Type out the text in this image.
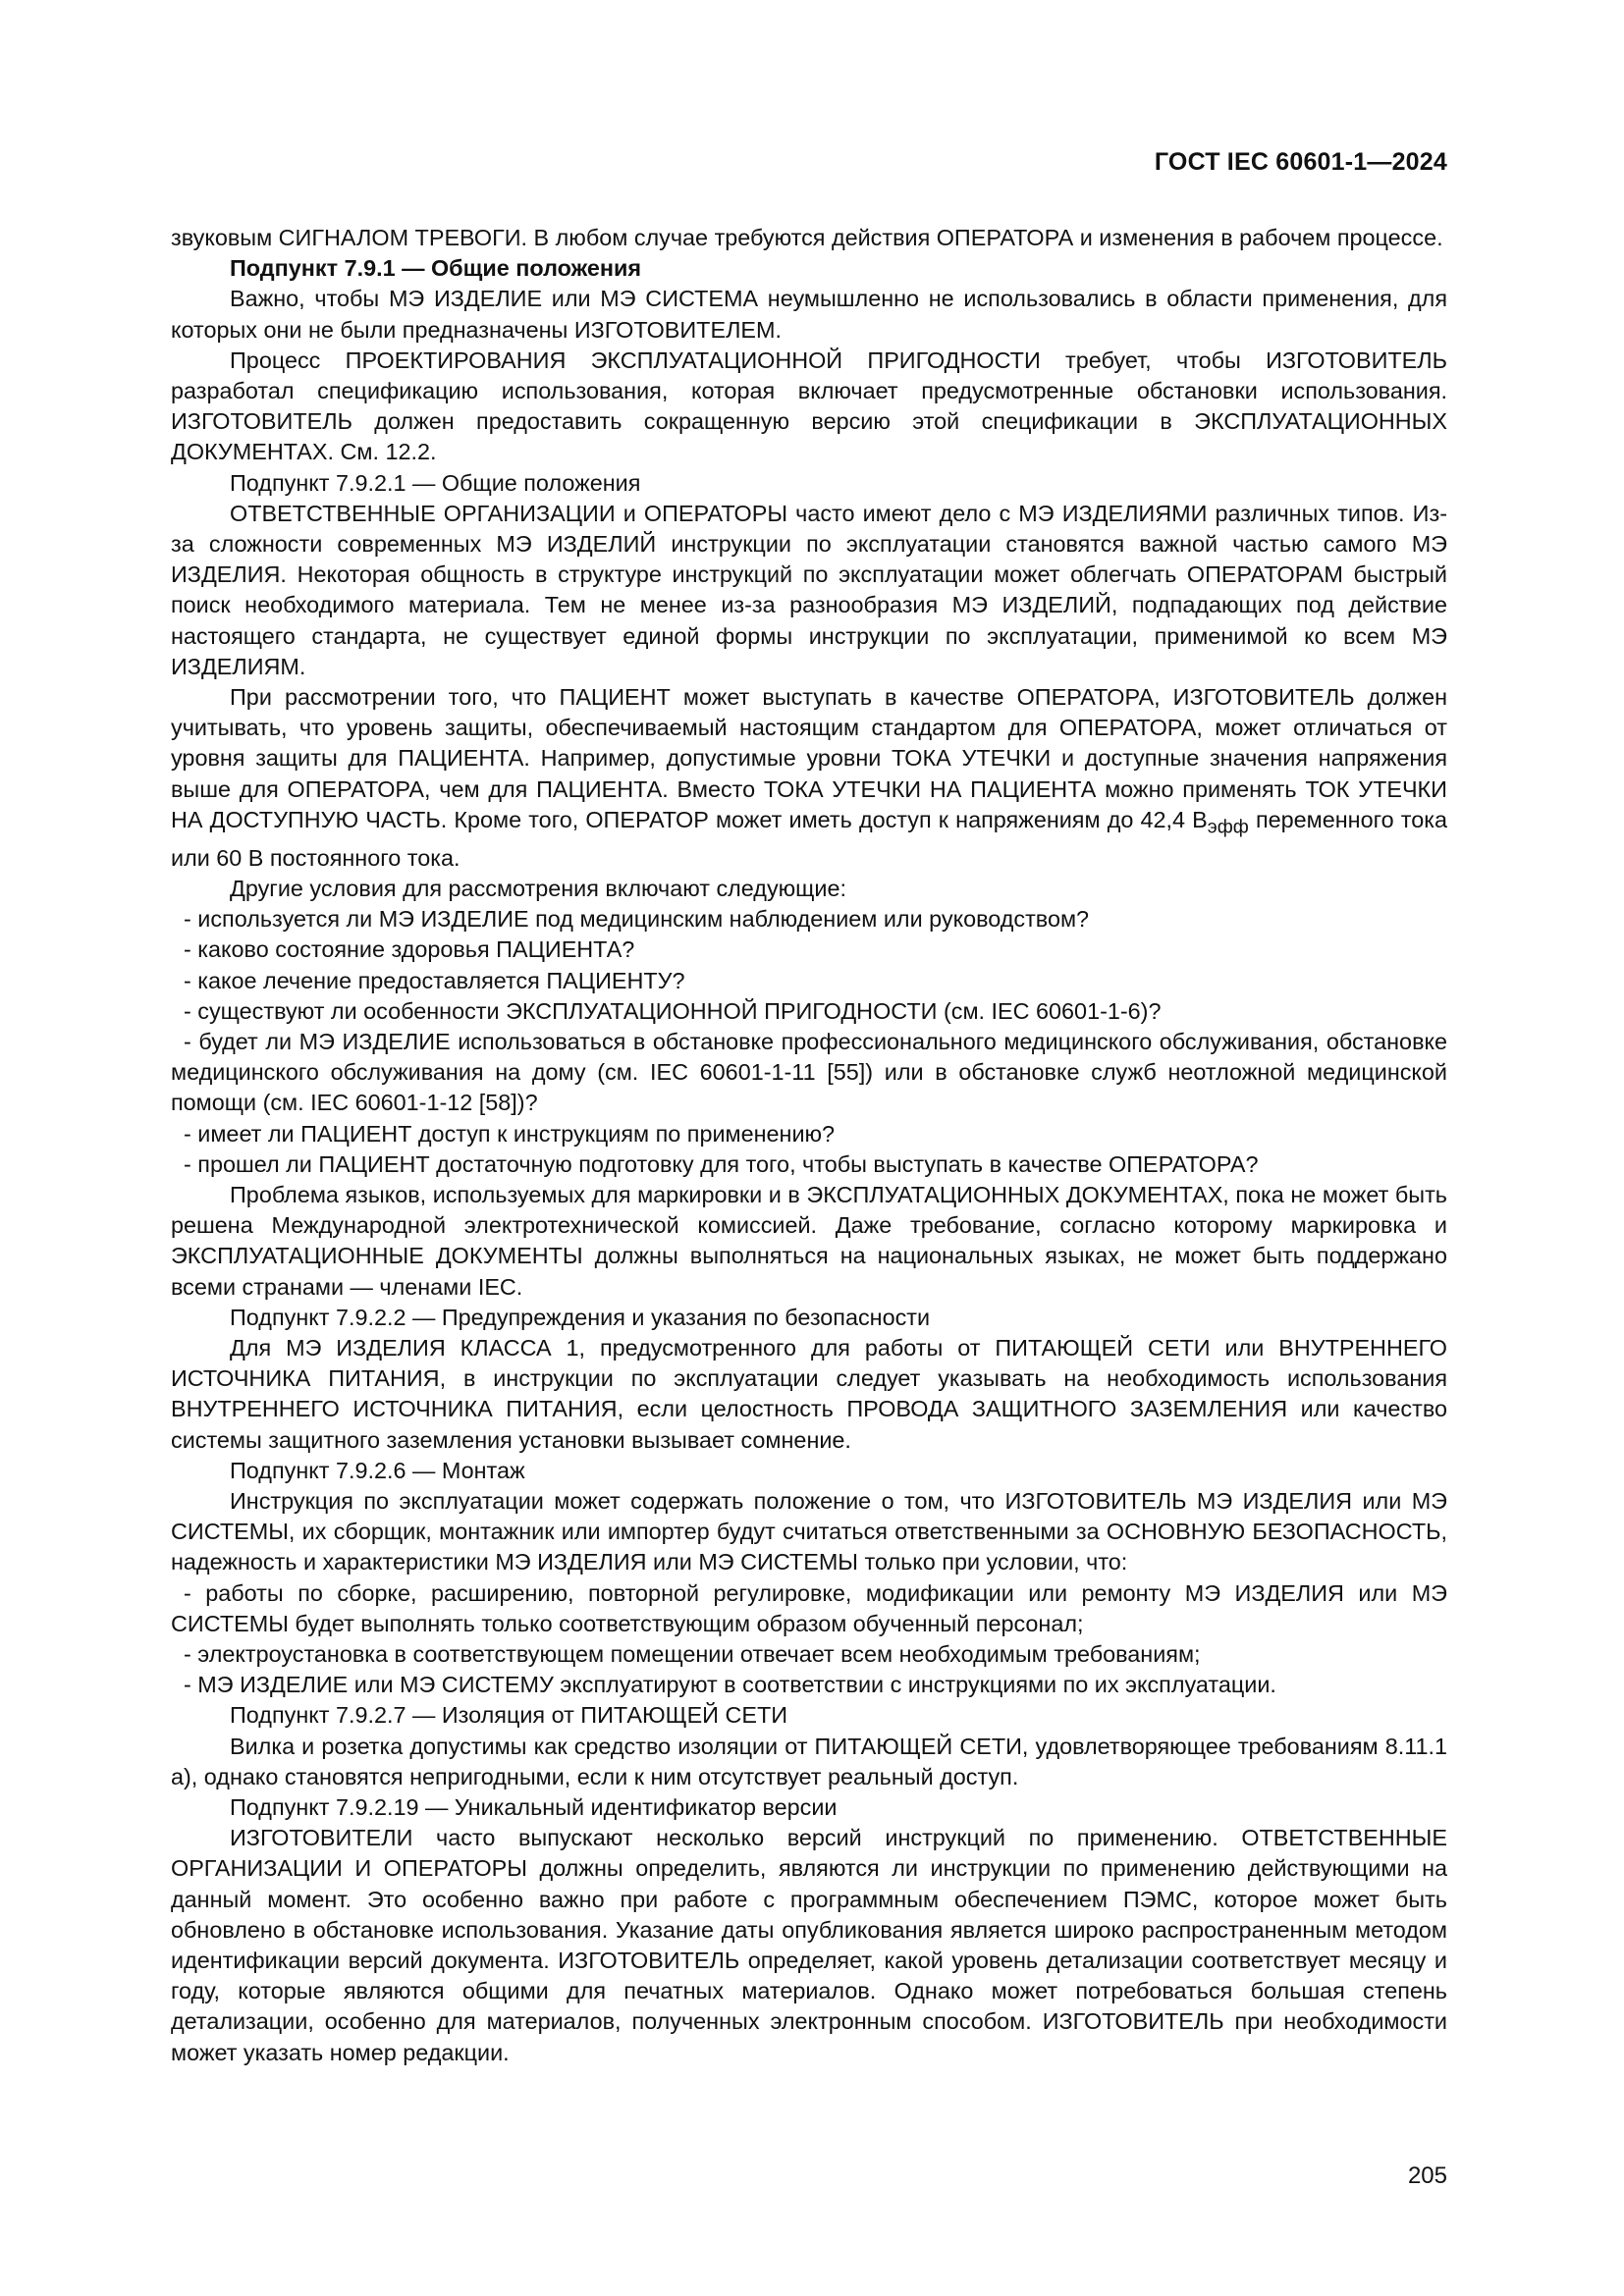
ГОСТ IEC 60601-1—2024

звуковым СИГНАЛОМ ТРЕВОГИ. В любом случае требуются действия ОПЕРАТОРА и изменения в рабочем процессе.

Подпункт 7.9.1 — Общие положения

Важно, чтобы МЭ ИЗДЕЛИЕ или МЭ СИСТЕМА неумышленно не использовались в области применения, для которых они не были предназначены ИЗГОТОВИТЕЛЕМ.

Процесс ПРОЕКТИРОВАНИЯ ЭКСПЛУАТАЦИОННОЙ ПРИГОДНОСТИ требует, чтобы ИЗГОТОВИТЕЛЬ разработал спецификацию использования, которая включает предусмотренные обстановки использования. ИЗГОТОВИТЕЛЬ должен предоставить сокращенную версию этой спецификации в ЭКСПЛУАТАЦИОННЫХ ДОКУМЕНТАХ. См. 12.2.

Подпункт 7.9.2.1 — Общие положения

ОТВЕТСТВЕННЫЕ ОРГАНИЗАЦИИ и ОПЕРАТОРЫ часто имеют дело с МЭ ИЗДЕЛИЯМИ различных типов. Из-за сложности современных МЭ ИЗДЕЛИЙ инструкции по эксплуатации становятся важной частью самого МЭ ИЗДЕЛИЯ. Некоторая общность в структуре инструкций по эксплуатации может облегчать ОПЕРАТОРАМ быстрый поиск необходимого материала. Тем не менее из-за разнообразия МЭ ИЗДЕЛИЙ, подпадающих под действие настоящего стандарта, не существует единой формы инструкции по эксплуатации, применимой ко всем МЭ ИЗДЕЛИЯМ.

При рассмотрении того, что ПАЦИЕНТ может выступать в качестве ОПЕРАТОРА, ИЗГОТОВИТЕЛЬ должен учитывать, что уровень защиты, обеспечиваемый настоящим стандартом для ОПЕРАТОРА, может отличаться от уровня защиты для ПАЦИЕНТА. Например, допустимые уровни ТОКА УТЕЧКИ и доступные значения напряжения выше для ОПЕРАТОРА, чем для ПАЦИЕНТА. Вместо ТОКА УТЕЧКИ НА ПАЦИЕНТА можно применять ТОК УТЕЧКИ НА ДОСТУПНУЮ ЧАСТЬ. Кроме того, ОПЕРАТОР может иметь доступ к напряжениям до 42,4 $В_{эфф}$ переменного тока или 60 В постоянного тока.

Другие условия для рассмотрения включают следующие:

- используется ли МЭ ИЗДЕЛИЕ под медицинским наблюдением или руководством?

- каково состояние здоровья ПАЦИЕНТА?

- какое лечение предоставляется ПАЦИЕНТУ?

- существуют ли особенности ЭКСПЛУАТАЦИОННОЙ ПРИГОДНОСТИ (см. IEC 60601-1-6)?

- будет ли МЭ ИЗДЕЛИЕ использоваться в обстановке профессионального медицинского обслуживания, обстановке медицинского обслуживания на дому (см. IEC 60601-1-11 [55]) или в обстановке служб неотложной медицинской помощи (см. IEC 60601-1-12 [58])?

- имеет ли ПАЦИЕНТ доступ к инструкциям по применению?

- прошел ли ПАЦИЕНТ достаточную подготовку для того, чтобы выступать в качестве ОПЕРАТОРА?

Проблема языков, используемых для маркировки и в ЭКСПЛУАТАЦИОННЫХ ДОКУМЕНТАХ, пока не может быть решена Международной электротехнической комиссией. Даже требование, согласно которому маркировка и ЭКСПЛУАТАЦИОННЫЕ ДОКУМЕНТЫ должны выполняться на национальных языках, не может быть поддержано всеми странами — членами IEC.

Подпункт 7.9.2.2 — Предупреждения и указания по безопасности

Для МЭ ИЗДЕЛИЯ КЛАССА 1, предусмотренного для работы от ПИТАЮЩЕЙ СЕТИ или ВНУТРЕННЕГО ИСТОЧНИКА ПИТАНИЯ, в инструкции по эксплуатации следует указывать на необходимость использования ВНУТРЕННЕГО ИСТОЧНИКА ПИТАНИЯ, если целостность ПРОВОДА ЗАЩИТНОГО ЗАЗЕМЛЕНИЯ или качество системы защитного заземления установки вызывает сомнение.

Подпункт 7.9.2.6 — Монтаж

Инструкция по эксплуатации может содержать положение о том, что ИЗГОТОВИТЕЛЬ МЭ ИЗДЕЛИЯ или МЭ СИСТЕМЫ, их сборщик, монтажник или импортер будут считаться ответственными за ОСНОВНУЮ БЕЗОПАСНОСТЬ, надежность и характеристики МЭ ИЗДЕЛИЯ или МЭ СИСТЕМЫ только при условии, что:

- работы по сборке, расширению, повторной регулировке, модификации или ремонту МЭ ИЗДЕЛИЯ или МЭ СИСТЕМЫ будет выполнять только соответствующим образом обученный персонал;

- электроустановка в соответствующем помещении отвечает всем необходимым требованиям;

- МЭ ИЗДЕЛИЕ или МЭ СИСТЕМУ эксплуатируют в соответствии с инструкциями по их эксплуатации.

Подпункт 7.9.2.7 — Изоляция от ПИТАЮЩЕЙ СЕТИ

Вилка и розетка допустимы как средство изоляции от ПИТАЮЩЕЙ СЕТИ, удовлетворяющее требованиям 8.11.1 а), однако становятся непригодными, если к ним отсутствует реальный доступ.

Подпункт 7.9.2.19 — Уникальный идентификатор версии

ИЗГОТОВИТЕЛИ часто выпускают несколько версий инструкций по применению. ОТВЕТСТВЕННЫЕ ОРГАНИЗАЦИИ И ОПЕРАТОРЫ должны определить, являются ли инструкции по применению действующими на данный момент. Это особенно важно при работе с программным обеспечением ПЭМС, которое может быть обновлено в обстановке использования. Указание даты опубликования является широко распространенным методом идентификации версий документа. ИЗГОТОВИТЕЛЬ определяет, какой уровень детализации соответствует месяцу и году, которые являются общими для печатных материалов. Однако может потребоваться большая степень детализации, особенно для материалов, полученных электронным способом. ИЗГОТОВИТЕЛЬ при необходимости может указать номер редакции.

205
